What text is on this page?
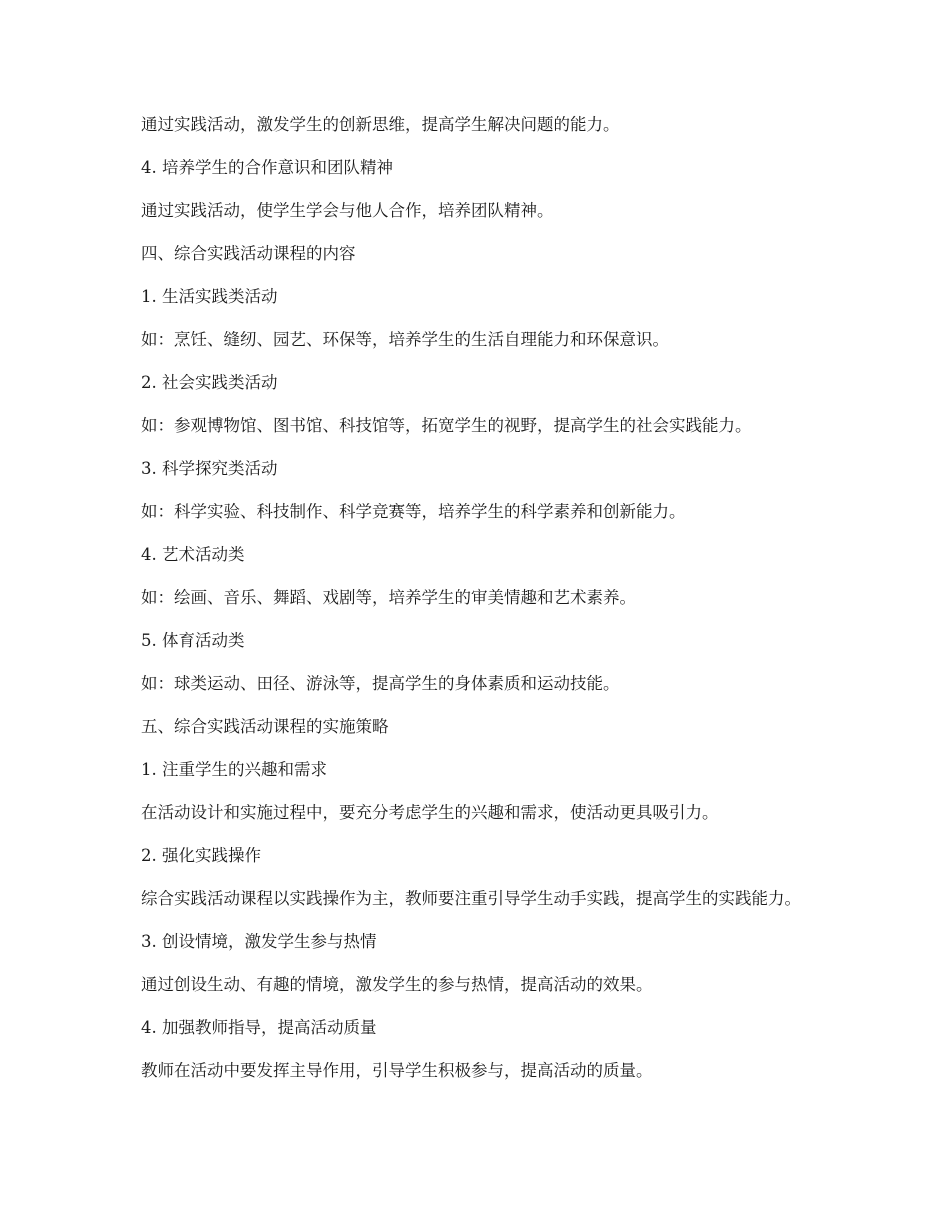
通过实践活动，激发学生的创新思维，提高学生解决问题的能力。

4. 培养学生的合作意识和团队精神

通过实践活动，使学生学会与他人合作，培养团队精神。

四、综合实践活动课程的内容

1. 生活实践类活动

如：烹饪、缝纫、园艺、环保等，培养学生的生活自理能力和环保意识。

2. 社会实践类活动

如：参观博物馆、图书馆、科技馆等，拓宽学生的视野，提高学生的社会实践能力。

3. 科学探究类活动

如：科学实验、科技制作、科学竞赛等，培养学生的科学素养和创新能力。

4. 艺术活动类

如：绘画、音乐、舞蹈、戏剧等，培养学生的审美情趣和艺术素养。

5. 体育活动类

如：球类运动、田径、游泳等，提高学生的身体素质和运动技能。

五、综合实践活动课程的实施策略

1. 注重学生的兴趣和需求

在活动设计和实施过程中，要充分考虑学生的兴趣和需求，使活动更具吸引力。

2. 强化实践操作

综合实践活动课程以实践操作为主，教师要注重引导学生动手实践，提高学生的实践能力。

3. 创设情境，激发学生参与热情

通过创设生动、有趣的情境，激发学生的参与热情，提高活动的效果。

4. 加强教师指导，提高活动质量

教师在活动中要发挥主导作用，引导学生积极参与，提高活动的质量。
